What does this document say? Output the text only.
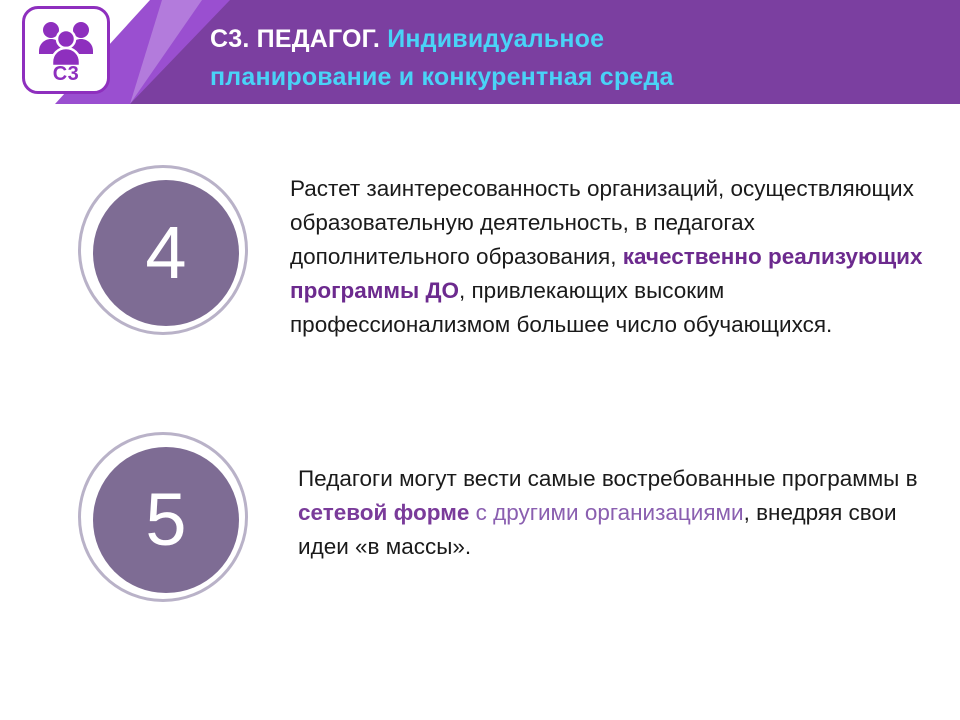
С3. ПЕДАГОГ. Индивидуальное
планирование и конкурентная среда
С3
4
Растет заинтересованность организаций, осуществляющих образовательную деятельность, в педагогах дополнительного образования, качественно реализующих программы ДО, привлекающих высоким профессионализмом большее число обучающихся.
5	Педагоги могут вести самые востребованные программы в сетевой форме с другими организациями, внедряя свои идеи «в массы».
